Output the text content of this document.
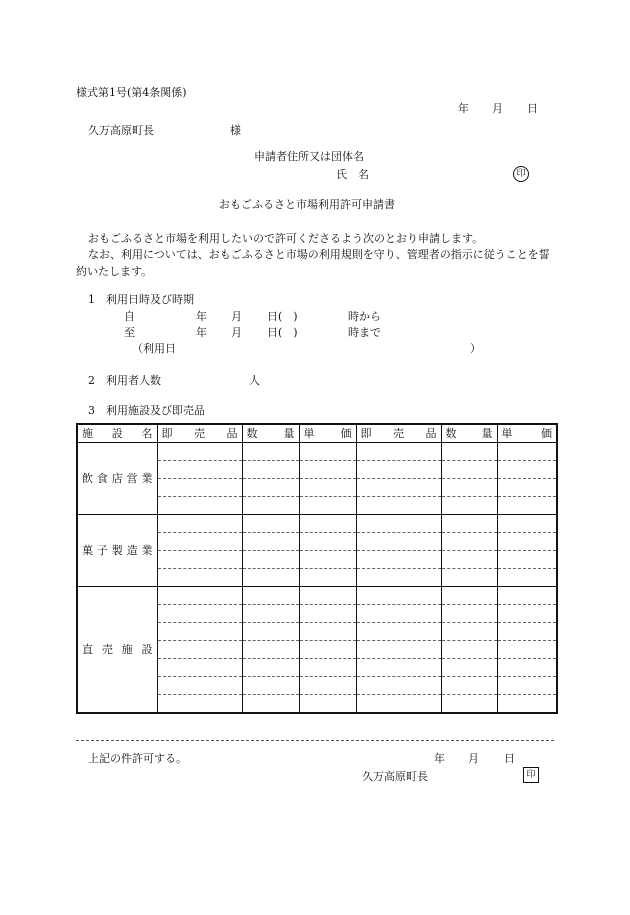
様式第1号(第4条関係)
年 月 日
久万高原町長	様
申請者住所又は団体名
氏　名	印
おもごふるさと市場利用許可申請書
おもごふるさと市場を利用したいので許可くださるよう次のとおり申請します。
なお、利用については、おもごふるさと市場の利用規則を守り、管理者の指示に従うことを誓約いたします。
1　利用日時及び時期
自	年 月 日(　)	時から
至	年 月 日(　)	時まで
（利用日	）
2　利用者人数	人
3　利用施設及び即売品
施設名	即売品	数量	単価	即売品	数量	単価
飲食店営業						

菓子製造業						

直売施設						

上記の件許可する。	年 月 日
久万高原町長	印
